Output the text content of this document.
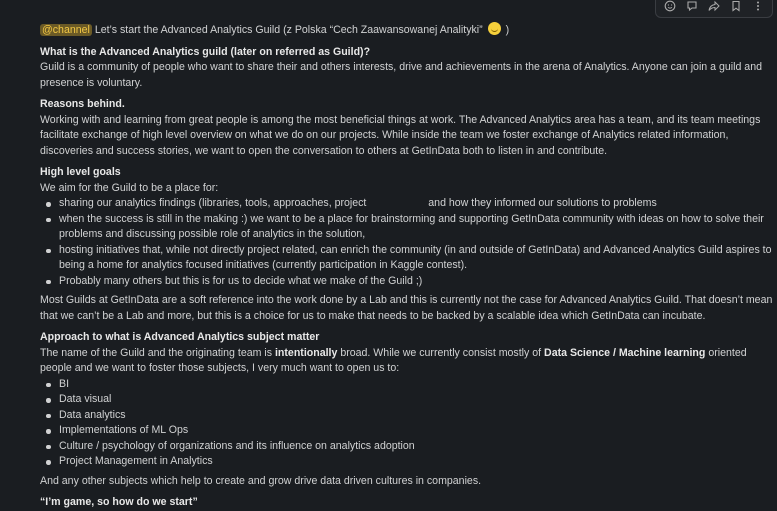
@channel Let’s start the Advanced Analytics Guild (z Polska “Cech Zaawansowanej Analityki” )

What is the Advanced Analytics guild (later on referred as Guild)?
Guild is a community of people who want to share their and others interests, drive and achievements in the arena of Analytics. Anyone can join a guild and presence is voluntary.
Reasons behind.
Working with and learning from great people is among the most beneficial things at work. The Advanced Analytics area has a team, and its team meetings facilitate exchange of high level overview on what we do on our projects. While inside the team we foster exchange of Analytics related information, discoveries and success stories, we want to open the conversation to others at GetInData both to listen in and contribute.
High level goals
We aim for the Guild to be a place for:
sharing our analytics findings (libraries, tools, approaches, project	and how they informed our solutions to problems
when the success is still in the making :) we want to be a place for brainstorming and supporting GetInData community with ideas on how to solve their problems and discussing possible role of analytics in the solution,
hosting initiatives that, while not directly project related, can enrich the community (in and outside of GetInData) and Advanced Analytics Guild aspires to being a home for analytics focused initiatives (currently participation in Kaggle contest).
Probably many others but this is for us to decide what we make of the Guild ;)
Most Guilds at GetInData are a soft reference into the work done by a Lab and this is currently not the case for Advanced Analytics Guild. That doesn’t mean that we can’t be a Lab and more, but this is a choice for us to make that needs to be backed by a scalable idea which GetInData can incubate.
Approach to what is Advanced Analytics subject matter
The name of the Guild and the originating team is intentionally broad. While we currently consist mostly of Data Science / Machine learning oriented people and we want to foster those subjects, I very much want to open us to:
BI
Data visual
Data analytics
Implementations of ML Ops
Culture / psychology of organizations and its influence on analytics adoption
Project Management in Analytics
And any other subjects which help to create and grow drive data driven cultures in companies.
“I’m game, so how do we start”
